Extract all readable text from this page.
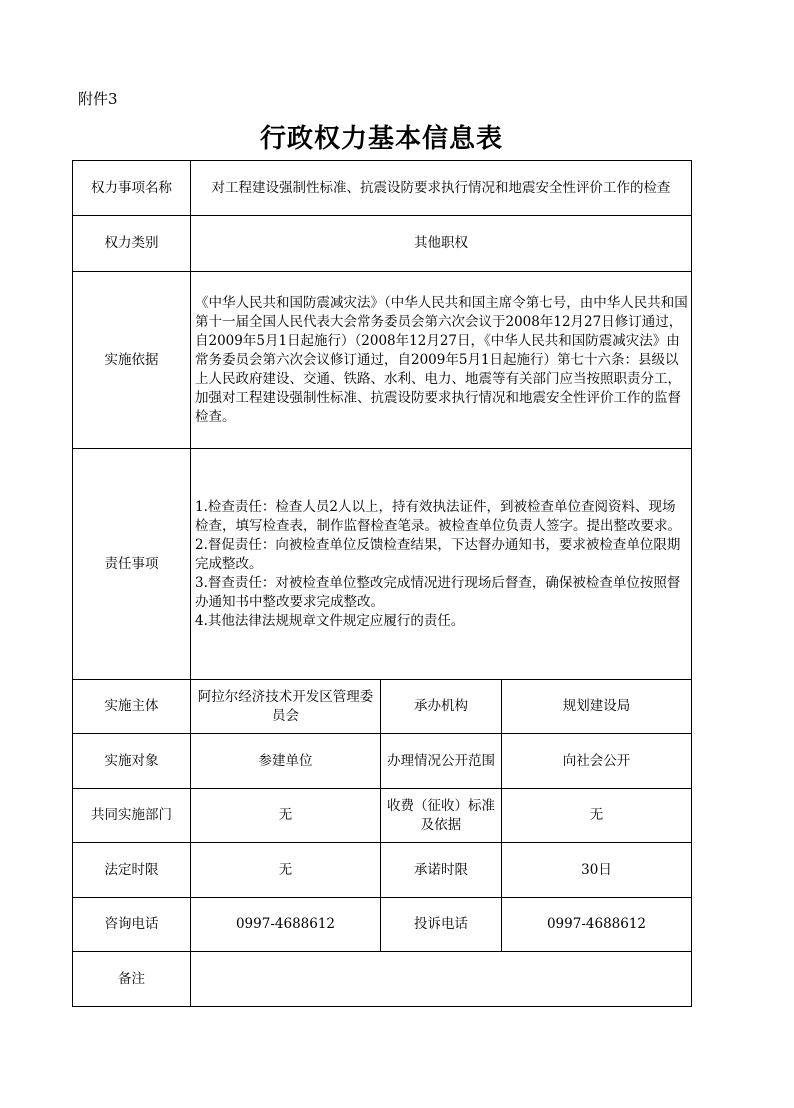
附件3
行政权力基本信息表
权力事项名称	对工程建设强制性标准、抗震设防要求执行情况和地震安全性评价工作的检查		
权力类别	其他职权		
实施依据	《中华人民共和国防震减灾法》（中华人民共和国主席令第七号，由中华人民共和国第十一届全国人民代表大会常务委员会第六次会议于2008年12月27日修订通过，自2009年5月1日起施行）（2008年12月27日，《中华人民共和国防震减灾法》由常务委员会第六次会议修订通过，自2009年5月1日起施行）第七十六条：县级以上人民政府建设、交通、铁路、水利、电力、地震等有关部门应当按照职责分工，加强对工程建设强制性标准、抗震设防要求执行情况和地震安全性评价工作的监督检查。		
责任事项	1.检查责任：检查人员2人以上，持有效执法证件，到被检查单位查阅资料、现场检查，填写检查表，制作监督检查笔录。被检查单位负责人签字。提出整改要求。
2.督促责任：向被检查单位反馈检查结果，下达督办通知书，要求被检查单位限期完成整改。
3.督查责任：对被检查单位整改完成情况进行现场后督查，确保被检查单位按照督办通知书中整改要求完成整改。
4.其他法律法规规章文件规定应履行的责任。		

实施主体	阿拉尔经济技术开发区管理委员会	承办机构	规划建设局
实施对象	参建单位	办理情况公开范围	向社会公开
共同实施部门	无	收费（征收）标准及依据	无
法定时限	无	承诺时限	30日
咨询电话	0997-4688612	投诉电话	0997-4688612
备注			
